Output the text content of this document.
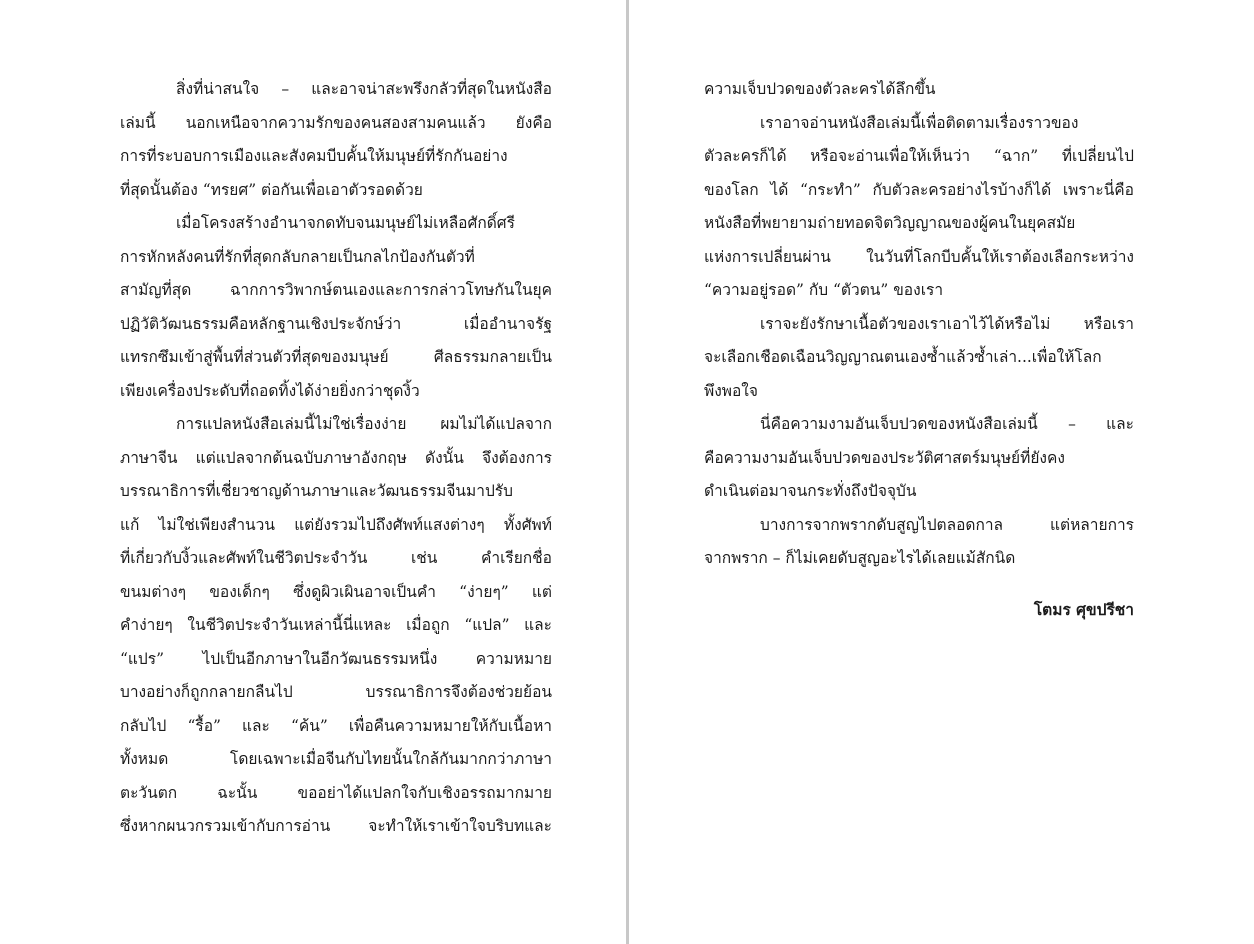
สิ่งที่น่าสนใจ – และอาจน่าสะพรึงกลัวที่สุดในหนังสือ
เล่มนี้ นอกเหนือจากความรักของคนสองสามคนแล้ว ยังคือ
การที่ระบอบการเมืองและสังคมบีบคั้นให้มนุษย์ที่รักกันอย่าง
ที่สุดนั้นต้อง “ทรยศ” ต่อกันเพื่อเอาตัวรอดด้วย
เมื่อโครงสร้างอำนาจกดทับจนมนุษย์ไม่เหลือศักดิ์ศรี
การหักหลังคนที่รักที่สุดกลับกลายเป็นกลไกป้องกันตัวที่
สามัญที่สุด ฉากการวิพากษ์ตนเองและการกล่าวโทษกันในยุค
ปฏิวัติวัฒนธรรมคือหลักฐานเชิงประจักษ์ว่า เมื่ออำนาจรัฐ
แทรกซึมเข้าสู่พื้นที่ส่วนตัวที่สุดของมนุษย์ ศีลธรรมกลายเป็น
เพียงเครื่องประดับที่ถอดทิ้งได้ง่ายยิ่งกว่าชุดงิ้ว
การแปลหนังสือเล่มนี้ไม่ใช่เรื่องง่าย ผมไม่ได้แปลจาก
ภาษาจีน แต่แปลจากต้นฉบับภาษาอังกฤษ ดังนั้น จึงต้องการ
บรรณาธิการที่เชี่ยวชาญด้านภาษาและวัฒนธรรมจีนมาปรับ
แก้ ไม่ใช่เพียงสำนวน แต่ยังรวมไปถึงศัพท์แสงต่างๆ ทั้งศัพท์
ที่เกี่ยวกับงิ้วและศัพท์ในชีวิตประจำวัน เช่น คำเรียกชื่อ
ขนมต่างๆ ของเด็กๆ ซึ่งดูผิวเผินอาจเป็นคำ “ง่ายๆ” แต่
คำง่ายๆ ในชีวิตประจำวันเหล่านี้นี่แหละ เมื่อถูก “แปล” และ
“แปร” ไปเป็นอีกภาษาในอีกวัฒนธรรมหนึ่ง ความหมาย
บางอย่างก็ถูกกลายกลืนไป บรรณาธิการจึงต้องช่วยย้อน
กลับไป “รื้อ” และ “ค้น” เพื่อคืนความหมายให้กับเนื้อหา
ทั้งหมด โดยเฉพาะเมื่อจีนกับไทยนั้นใกล้กันมากกว่าภาษา
ตะวันตก ฉะนั้น ขออย่าได้แปลกใจกับเชิงอรรถมากมาย
ซึ่งหากผนวกรวมเข้ากับการอ่าน จะทำให้เราเข้าใจบริบทและ
ความเจ็บปวดของตัวละครได้ลึกขึ้น
เราอาจอ่านหนังสือเล่มนี้เพื่อติดตามเรื่องราวของ
ตัวละครก็ได้ หรือจะอ่านเพื่อให้เห็นว่า “ฉาก” ที่เปลี่ยนไป
ของโลก ได้ “กระทำ” กับตัวละครอย่างไรบ้างก็ได้ เพราะนี่คือ
หนังสือที่พยายามถ่ายทอดจิตวิญญาณของผู้คนในยุคสมัย
แห่งการเปลี่ยนผ่าน ในวันที่โลกบีบคั้นให้เราต้องเลือกระหว่าง
“ความอยู่รอด” กับ “ตัวตน” ของเรา
เราจะยังรักษาเนื้อตัวของเราเอาไว้ได้หรือไม่ หรือเรา
จะเลือกเชือดเฉือนวิญญาณตนเองซ้ำแล้วซ้ำเล่า...เพื่อให้โลก
พึงพอใจ
นี่คือความงามอันเจ็บปวดของหนังสือเล่มนี้ – และ
คือความงามอันเจ็บปวดของประวัติศาสตร์มนุษย์ที่ยังคง
ดำเนินต่อมาจนกระทั่งถึงปัจจุบัน
บางการจากพรากดับสูญไปตลอดกาล แต่หลายการ
จากพราก – ก็ไม่เคยดับสูญอะไรได้เลยแม้สักนิด
โตมร ศุขปรีชา
